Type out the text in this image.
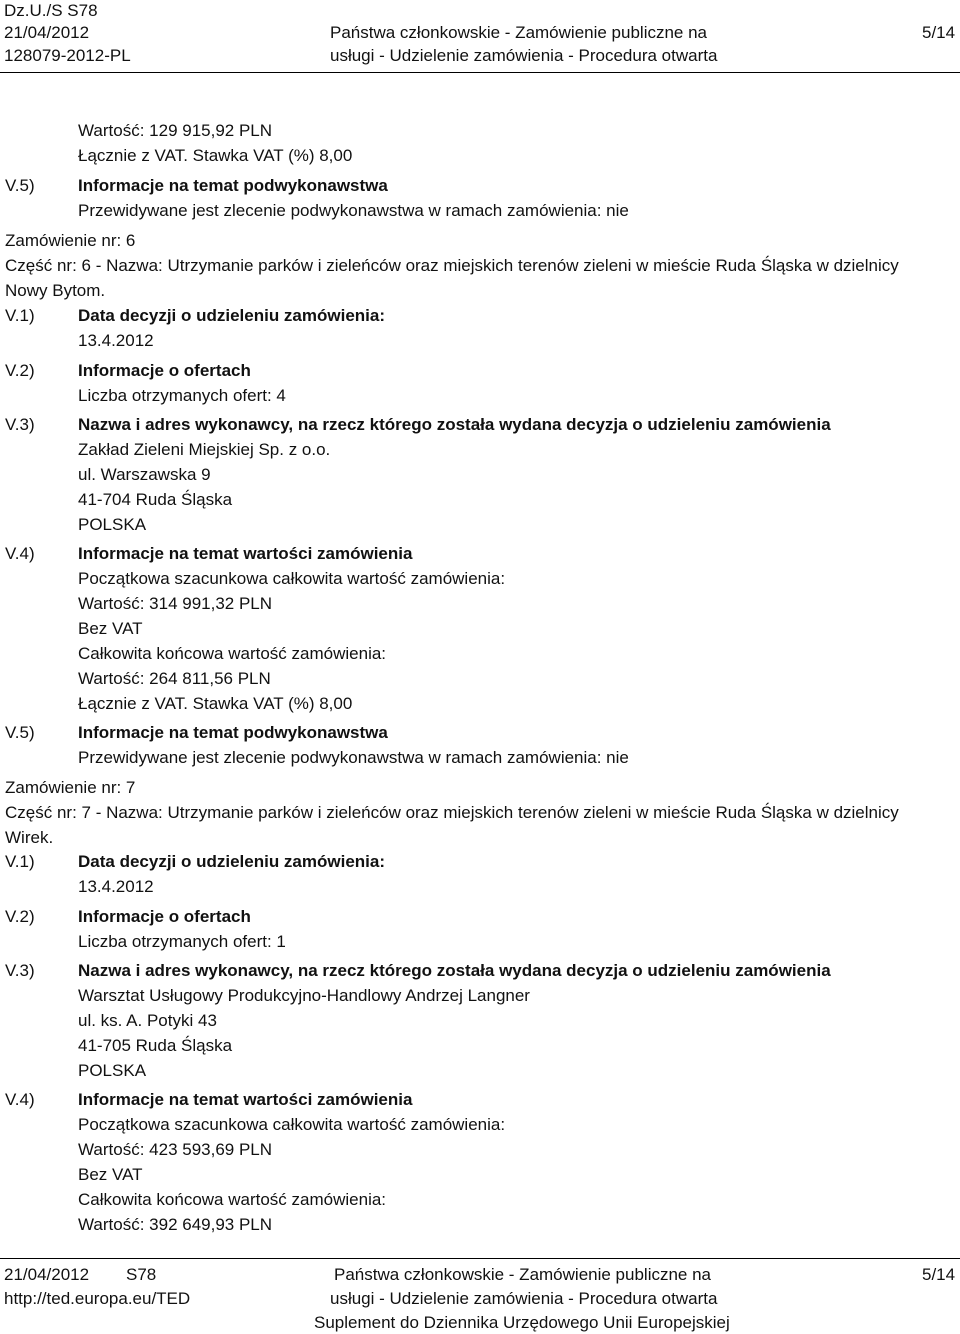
Dz.U./S S78
21/04/2012
128079-2012-PL
Państwa członkowskie - Zamówienie publiczne na
usługi - Udzielenie zamówienia - Procedura otwarta
5/14
Wartość: 129 915,92 PLN
Łącznie z VAT. Stawka VAT (%) 8,00
V.5)	Informacje na temat podwykonawstwa
Przewidywane jest zlecenie podwykonawstwa w ramach zamówienia: nie
Zamówienie nr: 6
Część nr: 6 - Nazwa: Utrzymanie parków i zieleńców oraz miejskich terenów zieleni w mieście Ruda Śląska w dzielnicy
Nowy Bytom.
V.1)	Data decyzji o udzieleniu zamówienia:
13.4.2012
V.2)	Informacje o ofertach
Liczba otrzymanych ofert: 4
V.3)	Nazwa i adres wykonawcy, na rzecz którego została wydana decyzja o udzieleniu zamówienia
Zakład Zieleni Miejskiej Sp. z o.o.
ul. Warszawska 9
41-704 Ruda Śląska
POLSKA
V.4)	Informacje na temat wartości zamówienia
Początkowa szacunkowa całkowita wartość zamówienia:
Wartość: 314 991,32 PLN
Bez VAT
Całkowita końcowa wartość zamówienia:
Wartość: 264 811,56 PLN
Łącznie z VAT. Stawka VAT (%) 8,00
V.5)	Informacje na temat podwykonawstwa
Przewidywane jest zlecenie podwykonawstwa w ramach zamówienia: nie
Zamówienie nr: 7
Część nr: 7 - Nazwa: Utrzymanie parków i zieleńców oraz miejskich terenów zieleni w mieście Ruda Śląska w dzielnicy
Wirek.
V.1)	Data decyzji o udzieleniu zamówienia:
13.4.2012
V.2)	Informacje o ofertach
Liczba otrzymanych ofert: 1
V.3)	Nazwa i adres wykonawcy, na rzecz którego została wydana decyzja o udzieleniu zamówienia
Warsztat Usługowy Produkcyjno-Handlowy Andrzej Langner
ul. ks. A. Potyki 43
41-705 Ruda Śląska
POLSKA
V.4)	Informacje na temat wartości zamówienia
Początkowa szacunkowa całkowita wartość zamówienia:
Wartość: 423 593,69 PLN
Bez VAT
Całkowita końcowa wartość zamówienia:
Wartość: 392 649,93 PLN
21/04/2012 S78
http://ted.europa.eu/TED
Państwa członkowskie - Zamówienie publiczne na
usługi - Udzielenie zamówienia - Procedura otwarta
Suplement do Dziennika Urzędowego Unii Europejskiej
5/14
